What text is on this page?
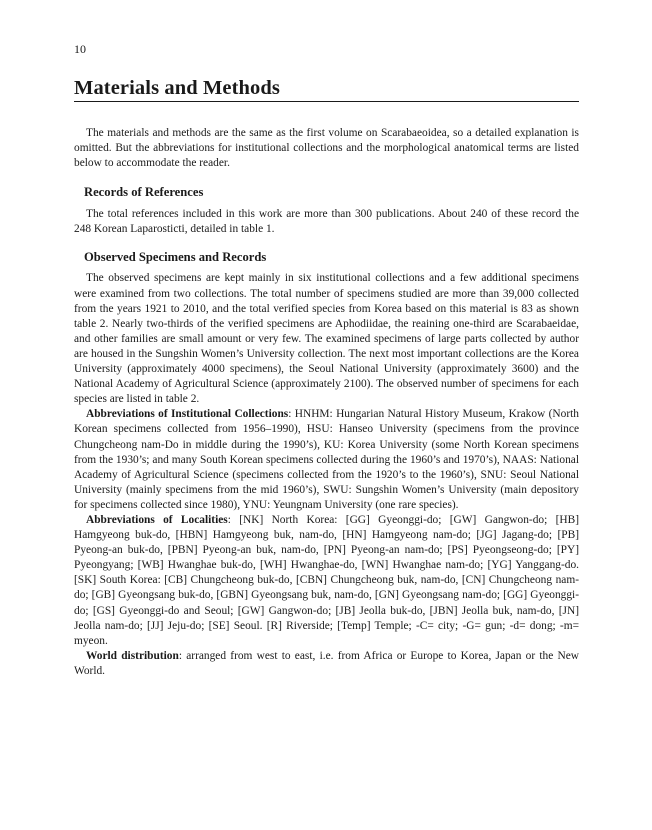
10
Materials and Methods

The materials and methods are the same as the first volume on Scarabaeoidea, so a detailed explanation is omitted. But the abbreviations for institutional collections and the morphological anatomical terms are listed below to accommodate the reader.

Records of References

The total references included in this work are more than 300 publications. About 240 of these record the 248 Korean Laparosticti, detailed in table 1.

Observed Specimens and Records

The observed specimens are kept mainly in six institutional collections and a few additional specimens were examined from two collections. The total number of specimens studied are more than 39,000 collected from the years 1921 to 2010, and the total verified species from Korea based on this material is 83 as shown table 2. Nearly two-thirds of the verified specimens are Aphodiidae, the reaining one-third are Scarabaeidae, and other families are small amount or very few. The examined specimens of large parts collected by author are housed in the Sungshin Women’s University collection. The next most important collections are the Korea University (approximately 4000 specimens), the Seoul National University (approximately 3600) and the National Academy of Agricultural Science (approximately 2100). The observed number of specimens for each species are listed in table 2.

Abbreviations of Institutional Collections: HNHM: Hungarian Natural History Museum, Krakow (North Korean specimens collected from 1956–1990), HSU: Hanseo University (specimens from the province Chungcheong nam-Do in middle during the 1990’s), KU: Korea University (some North Korean specimens from the 1930’s; and many South Korean specimens collected during the 1960’s and 1970’s), NAAS: National Academy of Agricultural Science (specimens collected from the 1920’s to the 1960’s), SNU: Seoul National University (mainly specimens from the mid 1960’s), SWU: Sungshin Women’s University (main depository for specimens collected since 1980), YNU: Yeungnam University (one rare species).

Abbreviations of Localities: [NK] North Korea: [GG] Gyeonggi-do; [GW] Gangwon-do; [HB] Hamgyeong buk-do, [HBN] Hamgyeong buk, nam-do, [HN] Hamgyeong nam-do; [JG] Jagang-do; [PB] Pyeong-an buk-do, [PBN] Pyeong-an buk, nam-do, [PN] Pyeong-an nam-do; [PS] Pyeongseong-do; [PY] Pyeongyang; [WB] Hwanghae buk-do, [WH] Hwanghae-do, [WN] Hwanghae nam-do; [YG] Yanggang-do. [SK] South Korea: [CB] Chungcheong buk-do, [CBN] Chungcheong buk, nam-do, [CN] Chungcheong nam-do; [GB] Gyeongsang buk-do, [GBN] Gyeongsang buk, nam-do, [GN] Gyeongsang nam-do; [GG] Gyeonggi-do; [GS] Gyeonggi-do and Seoul; [GW] Gangwon-do; [JB] Jeolla buk-do, [JBN] Jeolla buk, nam-do, [JN] Jeolla nam-do; [JJ] Jeju-do; [SE] Seoul. [R] Riverside; [Temp] Temple; -C= city; -G= gun; -d= dong; -m= myeon.

World distribution: arranged from west to east, i.e. from Africa or Europe to Korea, Japan or the New World.
